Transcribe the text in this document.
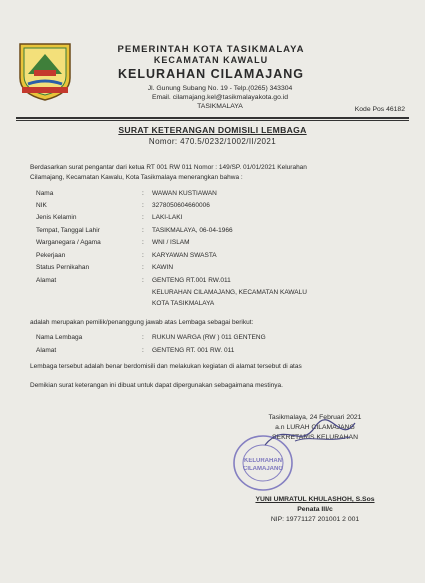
PEMERINTAH KOTA TASIKMALAYA
KECAMATAN KAWALU
KELURAHAN CILAMAJANG
Jl. Gunung Subang No. 19 - Telp.(0265) 343304
Email. cilamajang.kel@tasikmalayakota.go.id
TASIKMALAYA	Kode Pos 46182
SURAT KETERANGAN DOMISILI LEMBAGA
Nomor: 470.5/0232/1002/II/2021
Berdasarkan surat pengantar dari ketua RT 001 RW 011 Nomor : 149/SP. 01/01/2021 Kelurahan
Cilamajang, Kecamatan Kawalu, Kota Tasikmalaya menerangkan bahwa :
Nama	: WAWAN KUSTIAWAN
NIK	: 3278050604660006
Jenis Kelamin	: LAKI-LAKI
Tempat, Tanggal Lahir	: TASIKMALAYA, 06-04-1966
Warganegara / Agama	: WNI / ISLAM
Pekerjaan	: KARYAWAN SWASTA
Status Pernikahan	: KAWIN
Alamat	: GENTENG RT.001 RW.011
KELURAHAN CILAMAJANG, KECAMATAN KAWALU
KOTA TASIKMALAYA
adalah merupakan pemilik/penanggung jawab atas Lembaga sebagai berikut:
Nama Lembaga	: RUKUN WARGA (RW ) 011 GENTENG
Alamat	: GENTENG RT. 001 RW. 011
Lembaga tersebut adalah benar berdomisili dan melakukan kegiatan di alamat tersebut di atas
Demikian surat keterangan ini dibuat untuk dapat dipergunakan sebagaimana mestinya.
Tasikmalaya, 24 Februari 2021
a.n LURAH CILAMAJANG
SEKRETARIS KELURAHAN
KELURAHAN
CILAMAJANG
YUNI UMRATUL KHULASHOH, S.Sos
Penata III/c
NIP: 19771127 201001 2 001
